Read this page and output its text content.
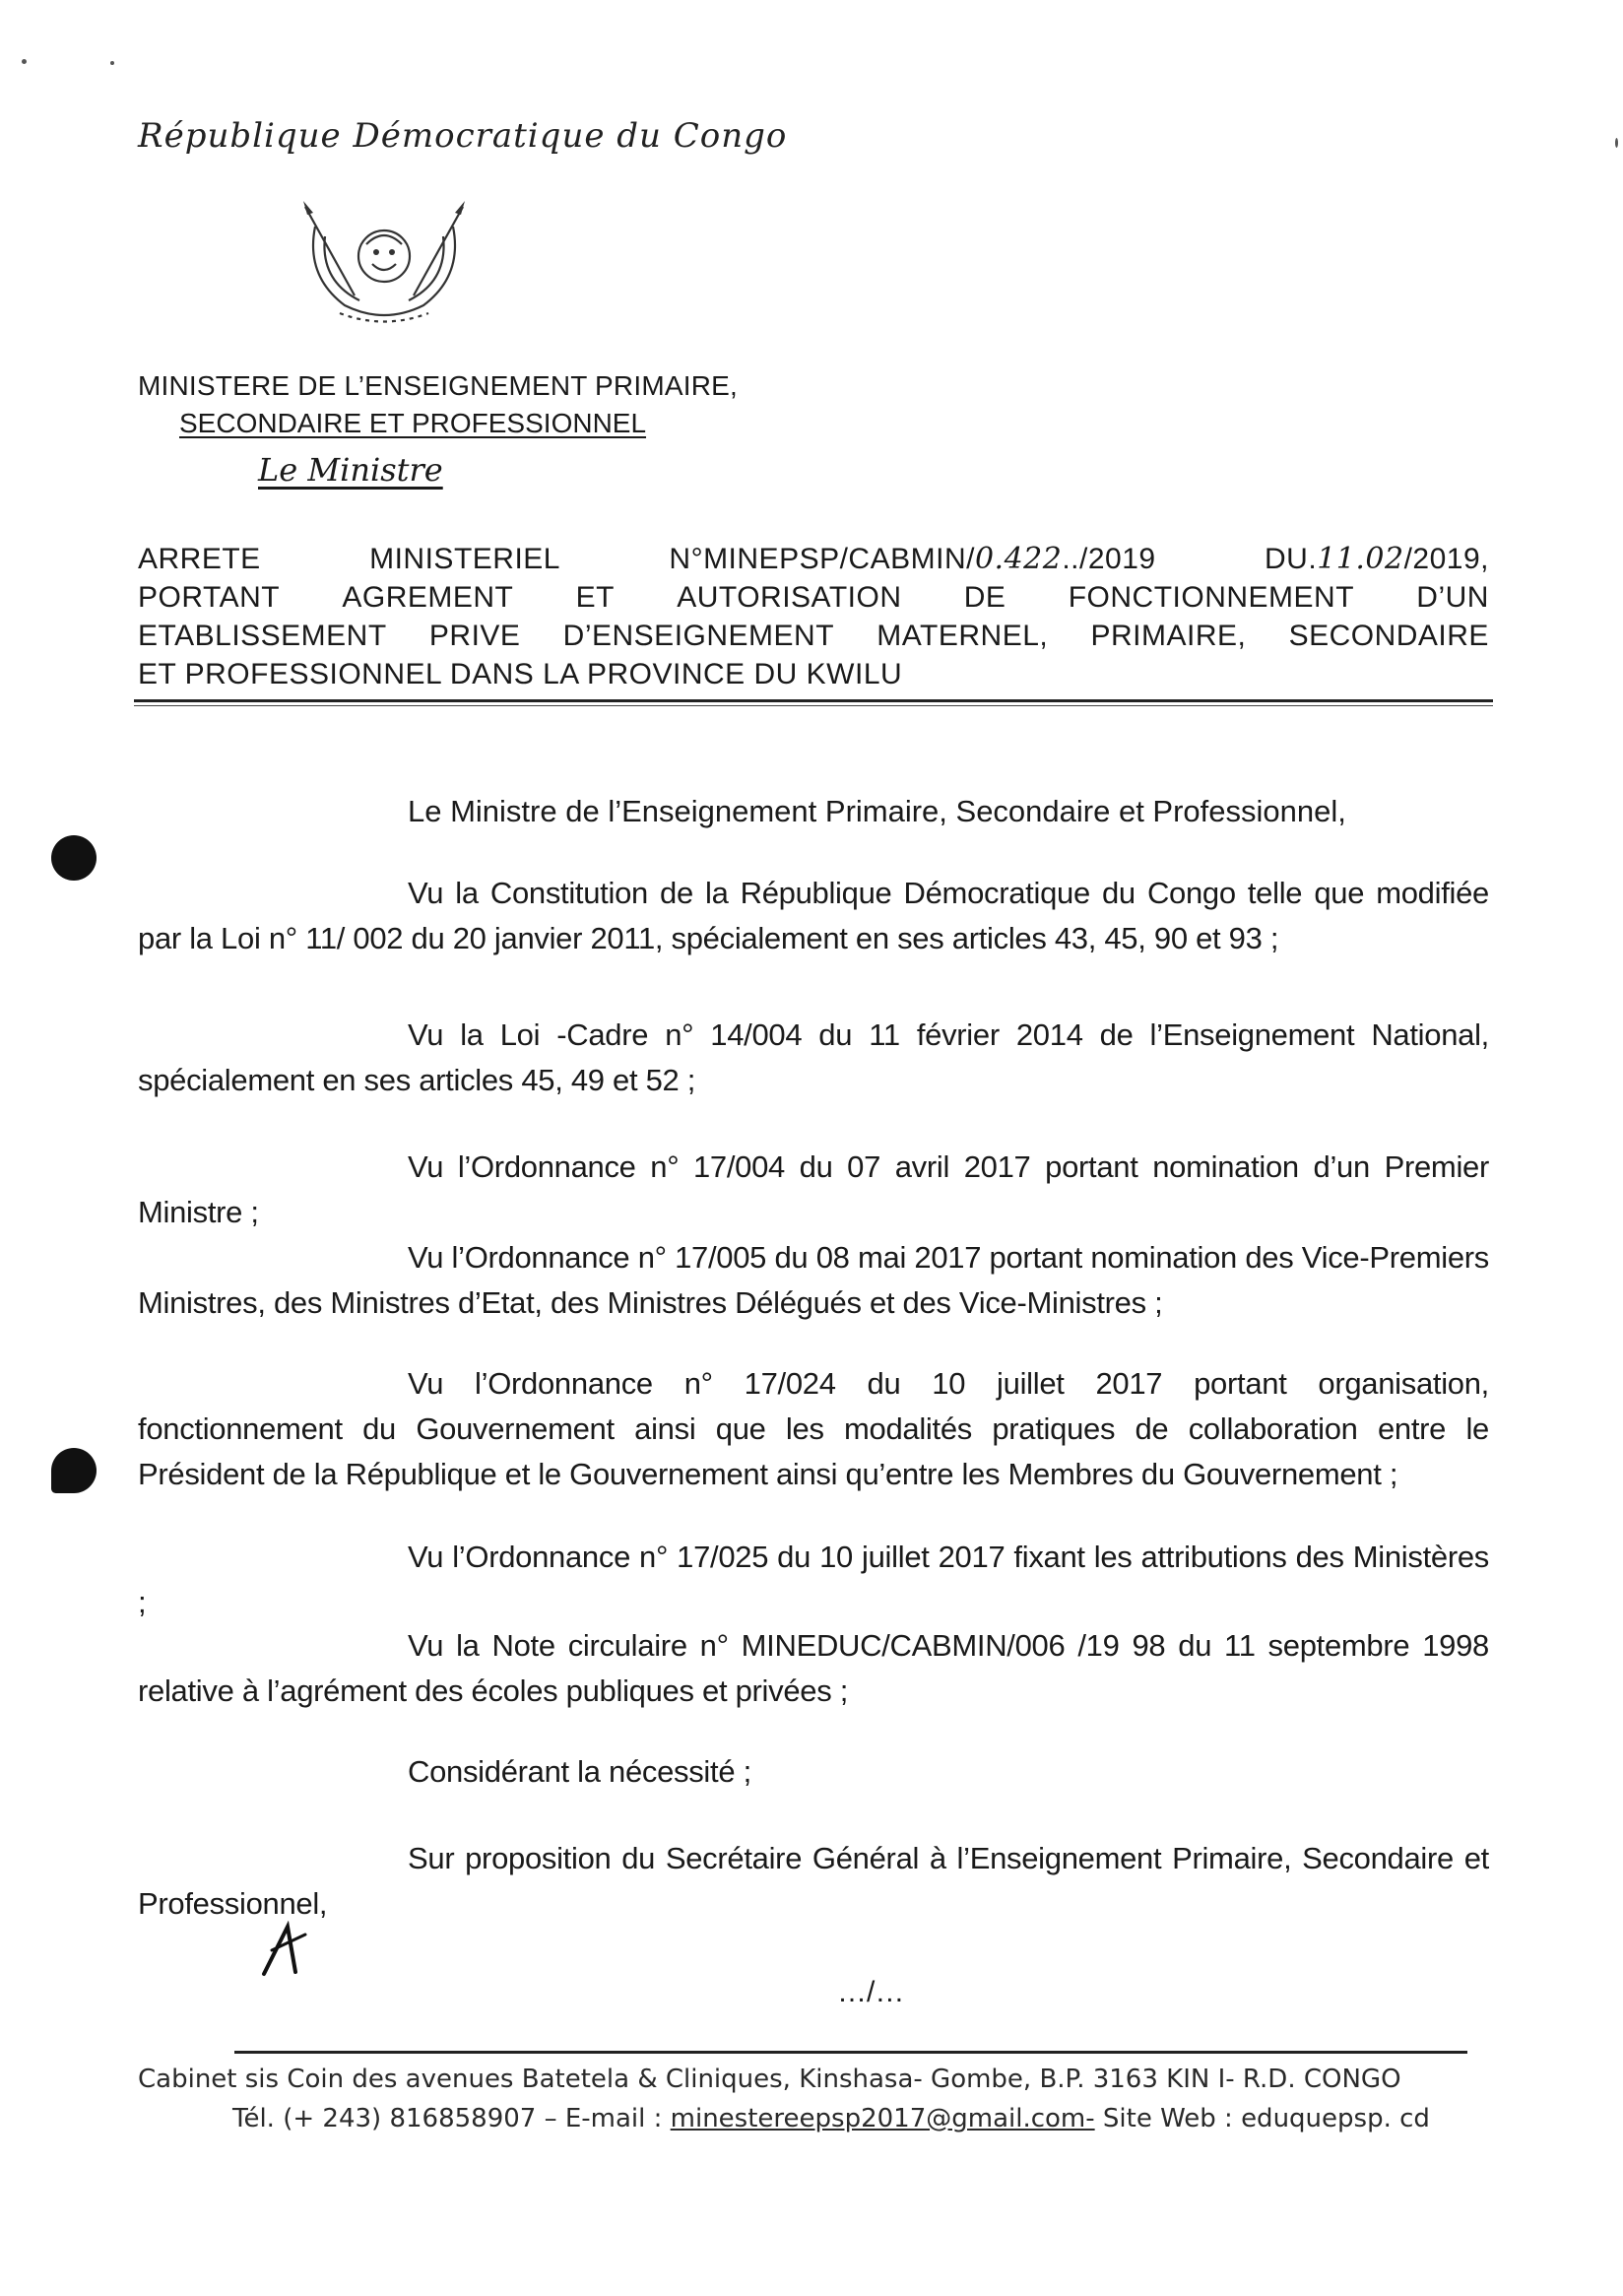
République Démocratique du Congo
MINISTERE DE L’ENSEIGNEMENT PRIMAIRE,
SECONDAIRE ET PROFESSIONNEL
Le Ministre
ARRETE	MINISTERIEL	N°MINEPSP/CABMIN/0.422../2019	DU.11.02/2019,
PORTANT AGREMENT ET AUTORISATION DE FONCTIONNEMENT D’UN
ETABLISSEMENT PRIVE D’ENSEIGNEMENT MATERNEL, PRIMAIRE, SECONDAIRE
ET PROFESSIONNEL DANS LA PROVINCE DU KWILU
Le Ministre de l’Enseignement Primaire, Secondaire et Professionnel,
Vu la Constitution de la République Démocratique du Congo telle que modifiée par la Loi n° 11/ 002 du 20 janvier 2011, spécialement en ses articles 43, 45, 90 et 93 ;
Vu la Loi -Cadre n° 14/004 du 11 février 2014 de l’Enseignement National, spécialement en ses articles 45, 49 et 52 ;
Vu l’Ordonnance n° 17/004 du 07 avril 2017 portant nomination d’un Premier Ministre ;
Vu l’Ordonnance n° 17/005 du 08 mai 2017 portant nomination des Vice-Premiers Ministres, des Ministres d’Etat, des Ministres Délégués et des Vice-Ministres ;
Vu l’Ordonnance n° 17/024 du 10 juillet 2017 portant organisation, fonctionnement du Gouvernement ainsi que les modalités pratiques de collaboration entre le Président de la République et le Gouvernement ainsi qu’entre les Membres du Gouvernement ;
Vu l’Ordonnance n° 17/025 du 10 juillet 2017 fixant les attributions des Ministères ;
Vu la Note circulaire n° MINEDUC/CABMIN/006 /19 98 du 11 septembre 1998 relative à l’agrément des écoles publiques et privées ;
Considérant la nécessité ;
Sur proposition du Secrétaire Général à l’Enseignement Primaire, Secondaire et Professionnel,
…/…
Cabinet sis Coin des avenues Batetela & Cliniques, Kinshasa- Gombe, B.P. 3163 KIN I- R.D. CONGO
Tél. (+ 243) 816858907 – E-mail : minestereepsp2017@gmail.com- Site Web : eduquepsp. cd
